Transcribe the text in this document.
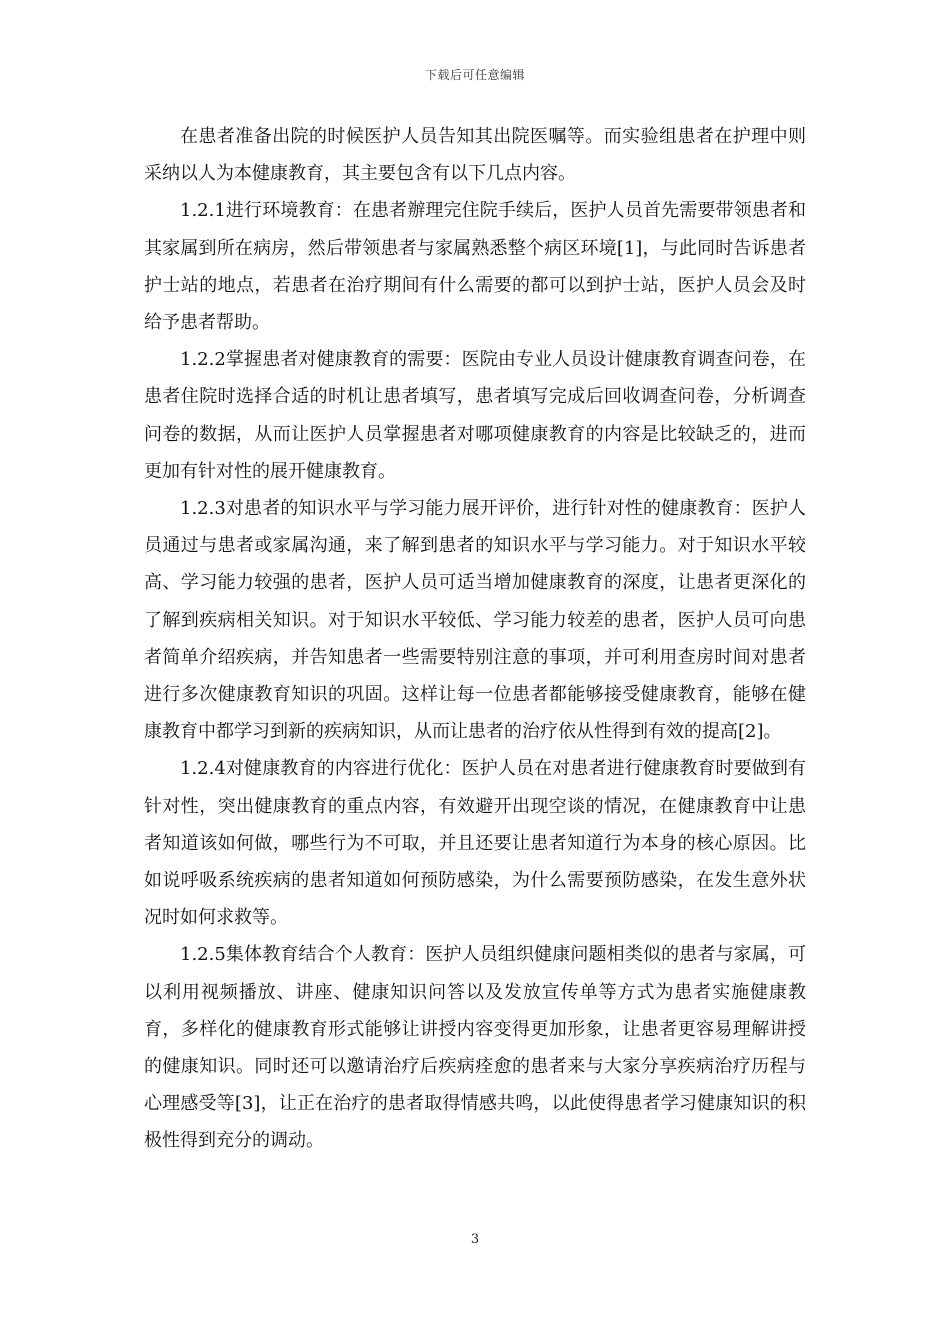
下载后可任意编辑

在患者准备出院的时候医护人员告知其出院医嘱等。而实验组患者在护理中则采纳以人为本健康教育，其主要包含有以下几点内容。

1.2.1进行环境教育：在患者辦理完住院手续后，医护人员首先需要带领患者和其家属到所在病房，然后带领患者与家属熟悉整个病区环境[1]，与此同时告诉患者护士站的地点，若患者在治疗期间有什么需要的都可以到护士站，医护人员会及时给予患者帮助。

1.2.2掌握患者对健康教育的需要：医院由专业人员设计健康教育调查问卷，在患者住院时选择合适的时机让患者填写，患者填写完成后回收调查问卷，分析调查问卷的数据，从而让医护人员掌握患者对哪项健康教育的内容是比较缺乏的，进而更加有针对性的展开健康教育。

1.2.3对患者的知识水平与学习能力展开评价，进行针对性的健康教育：医护人员通过与患者或家属沟通，来了解到患者的知识水平与学习能力。对于知识水平较高、学习能力较强的患者，医护人员可适当增加健康教育的深度，让患者更深化的了解到疾病相关知识。对于知识水平较低、学习能力较差的患者，医护人员可向患者简单介绍疾病，并告知患者一些需要特别注意的事项，并可利用查房时间对患者进行多次健康教育知识的巩固。这样让每一位患者都能够接受健康教育，能够在健康教育中都学习到新的疾病知识，从而让患者的治疗依从性得到有效的提高[2]。

1.2.4对健康教育的内容进行优化：医护人员在对患者进行健康教育时要做到有针对性，突出健康教育的重点内容，有效避开出现空谈的情况，在健康教育中让患者知道该如何做，哪些行为不可取，并且还要让患者知道行为本身的核心原因。比如说呼吸系统疾病的患者知道如何预防感染，为什么需要预防感染，在发生意外状况时如何求救等。

1.2.5集体教育结合个人教育：医护人员组织健康问题相类似的患者与家属，可以利用视频播放、讲座、健康知识问答以及发放宣传单等方式为患者实施健康教育，多样化的健康教育形式能够让讲授内容变得更加形象，让患者更容易理解讲授的健康知识。同时还可以邀请治疗后疾病痊愈的患者来与大家分享疾病治疗历程与心理感受等[3]，让正在治疗的患者取得情感共鸣，以此使得患者学习健康知识的积极性得到充分的调动。

3
